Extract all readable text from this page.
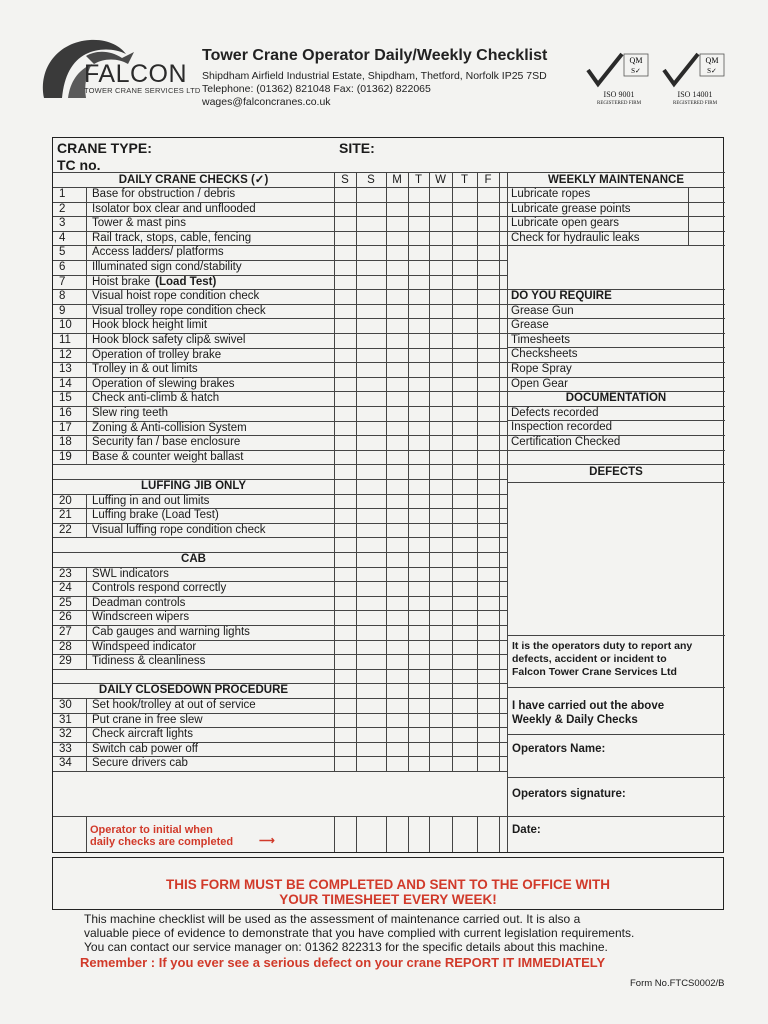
FALCON
TOWER CRANE SERVICES LTD
Tower Crane Operator Daily/Weekly Checklist
Shipdham Airfield Industrial Estate, Shipdham, Thetford, Norfolk IP25 7SD
Telephone: (01362) 821048 Fax: (01362) 822065
wages@falconcranes.co.uk
QM
S✓
ISO 9001
REGISTERED FIRM
QM
S✓
ISO 14001
REGISTERED FIRM
CRANE TYPE:	SITE:
TC no.
DAILY CRANE CHECKS (✓)	S	S	M	T	W	T	F	WEEKLY MAINTENANCE
1	Base for obstruction / debris
2	Isolator box clear and unflooded
3	Tower & mast pins
4	Rail track, stops, cable, fencing
5	Access ladders/ platforms
6	Illuminated sign cond/stability
7	Hoist brake (Load Test)
8	Visual hoist rope condition check
9	Visual trolley rope condition check
10	Hook block height limit
11	Hook block safety clip& swivel
12	Operation of trolley brake
13	Trolley in & out limits
14	Operation of slewing brakes
15	Check anti-climb & hatch
16	Slew ring teeth
17	Zoning & Anti-collision System
18	Security fan / base enclosure
19	Base & counter weight ballast
LUFFING JIB ONLY
20	Luffing in and out limits
21	Luffing brake (Load Test)
22	Visual luffing rope condition check
CAB
23	SWL indicators
24	Controls respond correctly
25	Deadman controls
26	Windscreen wipers
27	Cab gauges and warning lights
28	Windspeed indicator
29	Tidiness & cleanliness
DAILY CLOSEDOWN PROCEDURE
30	Set hook/trolley at out of service
31	Put crane in free slew
32	Check aircraft lights
33	Switch cab power off
34	Secure drivers cab
Operator to initial when
daily checks are completed ⟶
Lubricate ropes
Lubricate grease points
Lubricate open gears
Check for hydraulic leaks
DO YOU REQUIRE
Grease Gun
Grease
Timesheets
Checksheets
Rope Spray
Open Gear
DOCUMENTATION
Defects recorded
Inspection recorded
Certification Checked
DEFECTS
It is the operators duty to report any
defects, accident or incident to
Falcon Tower Crane Services Ltd
I have carried out the above
Weekly & Daily Checks
Operators Name:
Operators signature:
Date:
THIS FORM MUST BE COMPLETED AND SENT TO THE OFFICE WITH
YOUR TIMESHEET EVERY WEEK!
This machine checklist will be used as the assessment of maintenance carried out. It is also a
valuable piece of evidence to demonstrate that you have complied with current legislation requirements.
You can contact our service manager on: 01362 822313 for the specific details about this machine.
Remember : If you ever see a serious defect on your crane REPORT IT IMMEDIATELY
Form No.FTCS0002/B
